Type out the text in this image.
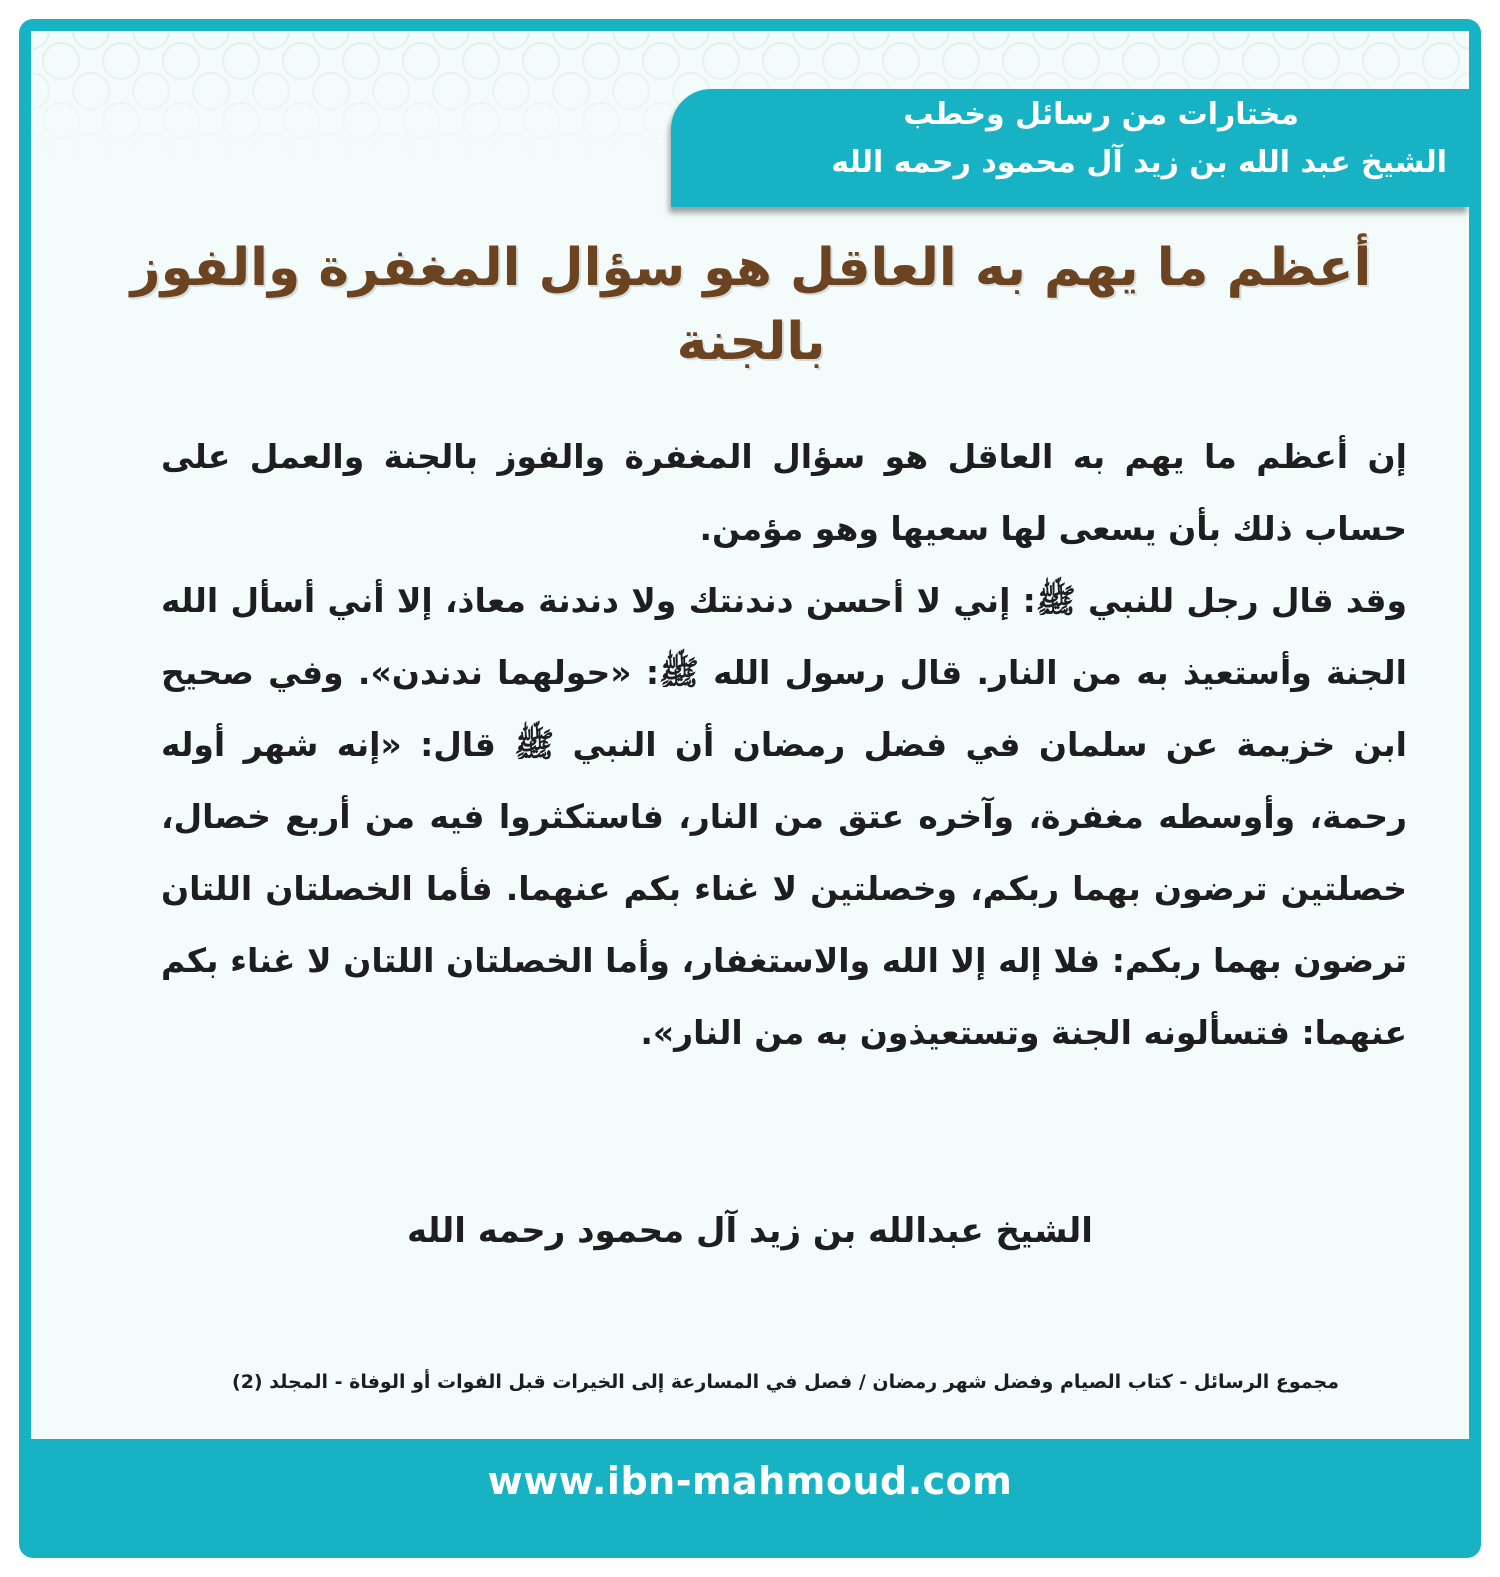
مختارات من رسائل وخطب
الشيخ عبد الله بن زيد آل محمود رحمه الله
أعظم ما يهم به العاقل هو سؤال المغفرة والفوز بالجنة

إن أعظم ما يهم به العاقل هو سؤال المغفرة والفوز بالجنة والعمل على حساب ذلك بأن يسعى لها سعيها وهو مؤمن.

وقد قال رجل للنبي ﷺ: إني لا أحسن دندنتك ولا دندنة معاذ، إلا أني أسأل الله الجنة وأستعيذ به من النار. قال رسول الله ﷺ: «حولهما ندندن». وفي صحيح ابن خزيمة عن سلمان في فضل رمضان أن النبي ﷺ قال: «إنه شهر أوله رحمة، وأوسطه مغفرة، وآخره عتق من النار، فاستكثروا فيه من أربع خصال، خصلتين ترضون بهما ربكم، وخصلتين لا غناء بكم عنهما. فأما الخصلتان اللتان ترضون بهما ربكم: فلا إله إلا الله والاستغفار، وأما الخصلتان اللتان لا غناء بكم عنهما: فتسألونه الجنة وتستعيذون به من النار».

الشيخ عبدالله بن زيد آل محمود رحمه الله
مجموع الرسائل - كتاب الصيام وفضل شهر رمضان / فصل في المسارعة إلى الخيرات قبل الفوات أو الوفاة - المجلد (2)
www.ibn-mahmoud.com
